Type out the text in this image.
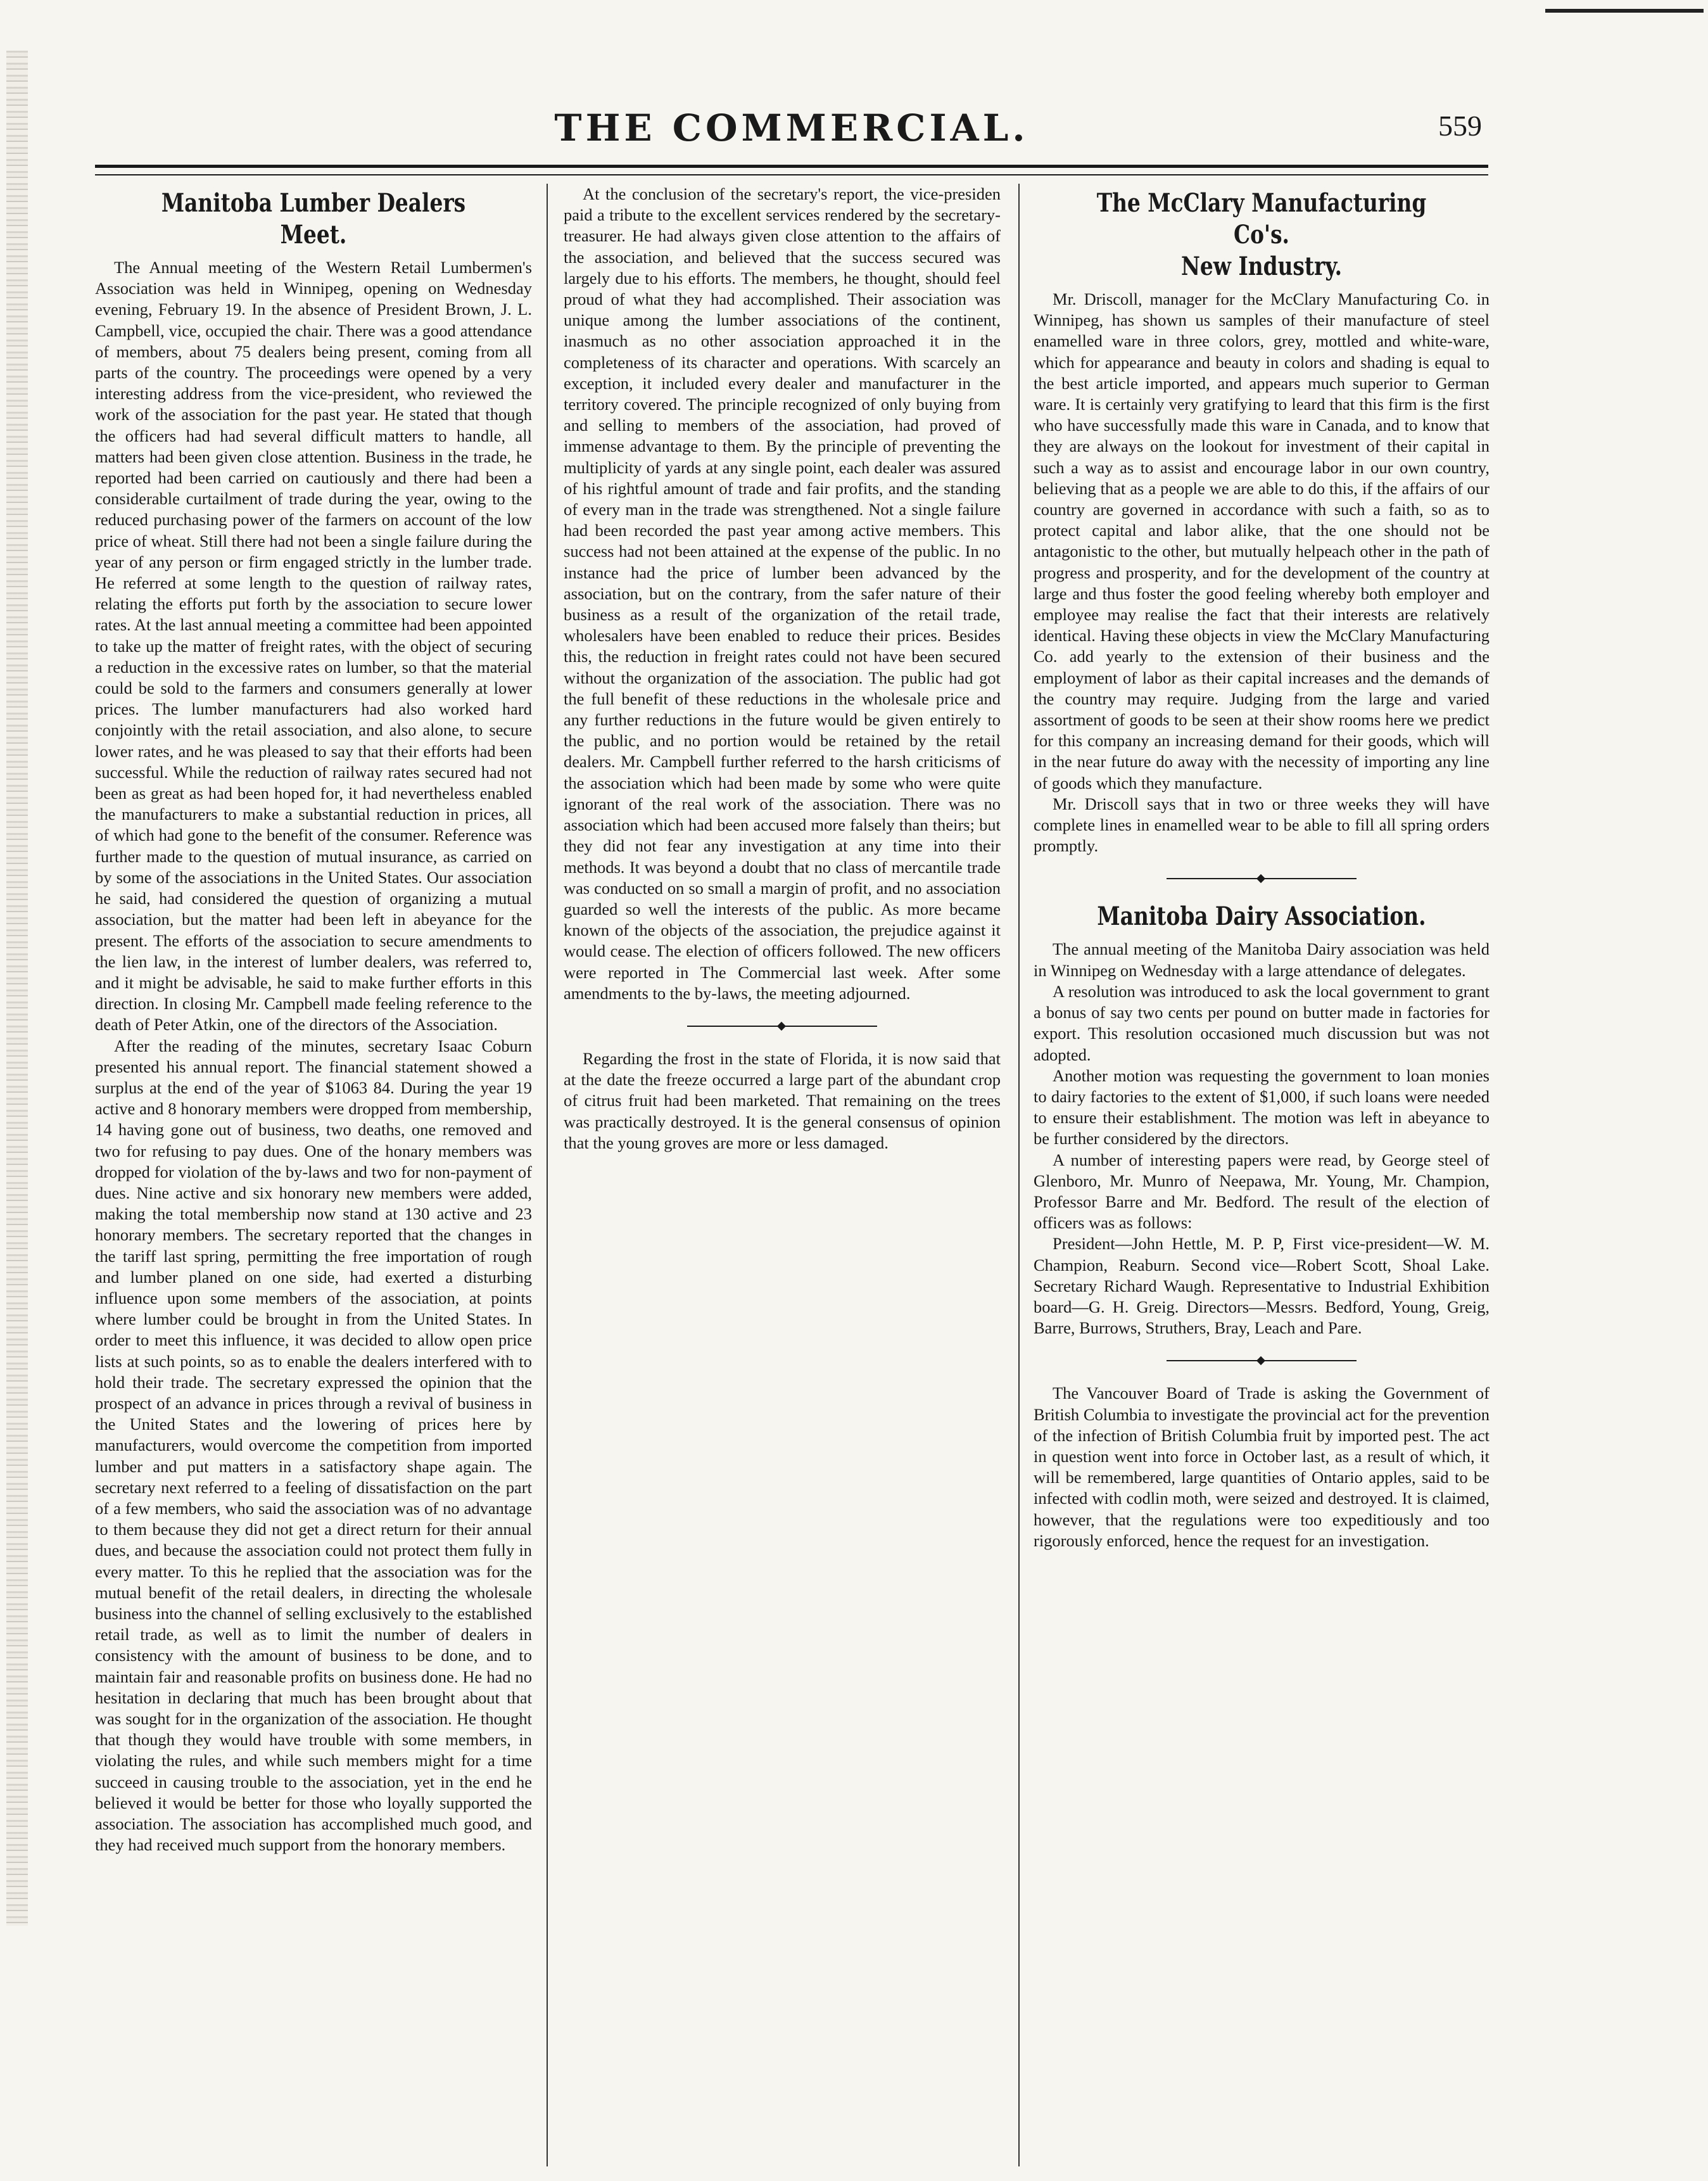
THE COMMERCIAL.	559
Manitoba Lumber Dealers Meet.

The Annual meeting of the Western Retail Lumbermen's Association was held in Winnipeg, opening on Wednesday evening, February 19. In the absence of President Brown, J. L. Campbell, vice, occupied the chair. There was a good attendance of members, about 75 dealers being present, coming from all parts of the country. The proceedings were opened by a very interesting address from the vice-president, who reviewed the work of the association for the past year. He stated that though the officers had had several difficult matters to handle, all matters had been given close attention. Business in the trade, he reported had been carried on cautiously and there had been a considerable curtailment of trade during the year, owing to the reduced purchasing power of the farmers on account of the low price of wheat. Still there had not been a single failure during the year of any person or firm engaged strictly in the lumber trade. He referred at some length to the question of railway rates, relating the efforts put forth by the association to secure lower rates. At the last annual meeting a committee had been appointed to take up the matter of freight rates, with the object of securing a reduction in the excessive rates on lumber, so that the material could be sold to the farmers and consumers generally at lower prices. The lumber manufacturers had also worked hard conjointly with the retail association, and also alone, to secure lower rates, and he was pleased to say that their efforts had been successful. While the reduction of railway rates secured had not been as great as had been hoped for, it had nevertheless enabled the manufacturers to make a substantial reduction in prices, all of which had gone to the benefit of the consumer. Reference was further made to the question of mutual insurance, as carried on by some of the associations in the United States. Our association he said, had considered the question of organizing a mutual association, but the matter had been left in abeyance for the present. The efforts of the association to secure amendments to the lien law, in the interest of lumber dealers, was referred to, and it might be advisable, he said to make further efforts in this direction. In closing Mr. Campbell made feeling reference to the death of Peter Atkin, one of the directors of the Association.

After the reading of the minutes, secretary Isaac Coburn presented his annual report. The financial statement showed a surplus at the end of the year of $1063 84. During the year 19 active and 8 honorary members were dropped from membership, 14 having gone out of business, two deaths, one removed and two for refusing to pay dues. One of the honary members was dropped for violation of the by-laws and two for non-payment of dues. Nine active and six honorary new members were added, making the total membership now stand at 130 active and 23 honorary members. The secretary reported that the changes in the tariff last spring, permitting the free importation of rough and lumber planed on one side, had exerted a disturbing influence upon some members of the association, at points where lumber could be brought in from the United States. In order to meet this influence, it was decided to allow open price lists at such points, so as to enable the dealers interfered with to hold their trade. The secretary expressed the opinion that the prospect of an advance in prices through a revival of business in the United States and the lowering of prices here by manufacturers, would overcome the competition from imported lumber and put matters in a satisfactory shape again. The secretary next referred to a feeling of dissatisfaction on the part of a few members, who said the association was of no advantage to them because they did not get a direct return for their annual dues, and because the association could not protect them fully in every matter. To this he replied that the association was for the mutual benefit of the retail dealers, in directing the wholesale business into the channel of selling exclusively to the established retail trade, as well as to limit the number of dealers in consistency with the amount of business to be done, and to maintain fair and reasonable profits on business done. He had no hesitation in declaring that much has been brought about that was sought for in the organization of the association. He thought that though they would have trouble with some members, in violating the rules, and while such members might for a time succeed in causing trouble to the association, yet in the end he believed it would be better for those who loyally supported the association. The association has accomplished much good, and they had received much support from the honorary members.

At the conclusion of the secretary's report, the vice-presiden paid a tribute to the excellent services rendered by the secretary-treasurer. He had always given close attention to the affairs of the association, and believed that the success secured was largely due to his efforts. The members, he thought, should feel proud of what they had accomplished. Their association was unique among the lumber associations of the continent, inasmuch as no other association approached it in the completeness of its character and operations. With scarcely an exception, it included every dealer and manufacturer in the territory covered. The principle recognized of only buying from and selling to members of the association, had proved of immense advantage to them. By the principle of preventing the multiplicity of yards at any single point, each dealer was assured of his rightful amount of trade and fair profits, and the standing of every man in the trade was strengthened. Not a single failure had been recorded the past year among active members. This success had not been attained at the expense of the public. In no instance had the price of lumber been advanced by the association, but on the contrary, from the safer nature of their business as a result of the organization of the retail trade, wholesalers have been enabled to reduce their prices. Besides this, the reduction in freight rates could not have been secured without the organization of the association. The public had got the full benefit of these reductions in the wholesale price and any further reductions in the future would be given entirely to the public, and no portion would be retained by the retail dealers. Mr. Campbell further referred to the harsh criticisms of the association which had been made by some who were quite ignorant of the real work of the association. There was no association which had been accused more falsely than theirs; but they did not fear any investigation at any time into their methods. It was beyond a doubt that no class of mercantile trade was conducted on so small a margin of profit, and no association guarded so well the interests of the public. As more became known of the objects of the association, the prejudice against it would cease. The election of officers followed. The new officers were reported in The Commercial last week. After some amendments to the by-laws, the meeting adjourned.

Regarding the frost in the state of Florida, it is now said that at the date the freeze occurred a large part of the abundant crop of citrus fruit had been marketed. That remaining on the trees was practically destroyed. It is the general consensus of opinion that the young groves are more or less damaged.

The McClary Manufacturing Co's.
New Industry.

Mr. Driscoll, manager for the McClary Manufacturing Co. in Winnipeg, has shown us samples of their manufacture of steel enamelled ware in three colors, grey, mottled and white-ware, which for appearance and beauty in colors and shading is equal to the best article imported, and appears much superior to German ware. It is certainly very gratifying to leard that this firm is the first who have successfully made this ware in Canada, and to know that they are always on the lookout for investment of their capital in such a way as to assist and encourage labor in our own country, believing that as a people we are able to do this, if the affairs of our country are governed in accordance with such a faith, so as to protect capital and labor alike, that the one should not be antagonistic to the other, but mutually helpeach other in the path of progress and prosperity, and for the development of the country at large and thus foster the good feeling whereby both employer and employee may realise the fact that their interests are relatively identical. Having these objects in view the McClary Manufacturing Co. add yearly to the extension of their business and the employment of labor as their capital increases and the demands of the country may require. Judging from the large and varied assortment of goods to be seen at their show rooms here we predict for this company an increasing demand for their goods, which will in the near future do away with the necessity of importing any line of goods which they manufacture.

Mr. Driscoll says that in two or three weeks they will have complete lines in enamelled wear to be able to fill all spring orders promptly.

Manitoba Dairy Association.

The annual meeting of the Manitoba Dairy association was held in Winnipeg on Wednesday with a large attendance of delegates.

A resolution was introduced to ask the local government to grant a bonus of say two cents per pound on butter made in factories for export. This resolution occasioned much discussion but was not adopted.

Another motion was requesting the government to loan monies to dairy factories to the extent of $1,000, if such loans were needed to ensure their establishment. The motion was left in abeyance to be further considered by the directors.

A number of interesting papers were read, by George steel of Glenboro, Mr. Munro of Neepawa, Mr. Young, Mr. Champion, Professor Barre and Mr. Bedford. The result of the election of officers was as follows:

President—John Hettle, M. P. P, First vice-president—W. M. Champion, Reaburn. Second vice—Robert Scott, Shoal Lake. Secretary Richard Waugh. Representative to Industrial Exhibition board—G. H. Greig. Directors—Messrs. Bedford, Young, Greig, Barre, Burrows, Struthers, Bray, Leach and Pare.

The Vancouver Board of Trade is asking the Government of British Columbia to investigate the provincial act for the prevention of the infection of British Columbia fruit by imported pest. The act in question went into force in October last, as a result of which, it will be remembered, large quantities of Ontario apples, said to be infected with codlin moth, were seized and destroyed. It is claimed, however, that the regulations were too expeditiously and too rigorously enforced, hence the request for an investigation.
